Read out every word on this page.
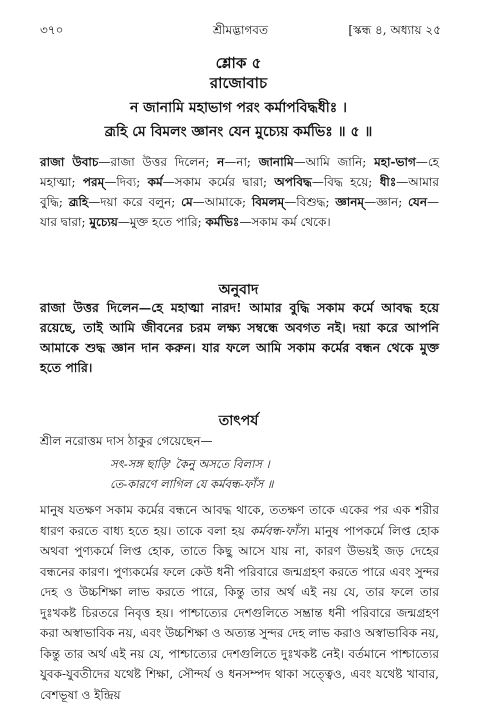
৩৭০	শ্রীমদ্ভাগবত	[স্কন্ধ ৪, অধ্যায় ২৫
শ্লোক ৫
রাজোবাচ
ন জানামি মহাভাগ পরং কর্মাপবিদ্ধধীঃ ।
ব্রূহি মে বিমলং জ্ঞানং যেন মুচ্যেয় কর্মভিঃ ॥ ৫ ॥
রাজা উবাচ—রাজা উত্তর দিলেন; ন—না; জানামি—আমি জানি; মহা-ভাগ—হে মহাত্মা; পরম্—দিব্য; কর্ম—সকাম কর্মের দ্বারা; অপবিদ্ধ—বিদ্ধ হয়ে; ধীঃ—আমার বুদ্ধি; ব্রূহি—দয়া করে বলুন; মে—আমাকে; বিমলম্—বিশুদ্ধ; জ্ঞানম্—জ্ঞান; যেন—যার দ্বারা; মুচ্যেয়—মুক্ত হতে পারি; কর্মভিঃ—সকাম কর্ম থেকে।
অনুবাদ
রাজা উত্তর দিলেন—হে মহাত্মা নারদ! আমার বুদ্ধি সকাম কর্মে আবদ্ধ হয়ে রয়েছে, তাই আমি জীবনের চরম লক্ষ্য সম্বন্ধে অবগত নই। দয়া করে আপনি আমাকে শুদ্ধ জ্ঞান দান করুন। যার ফলে আমি সকাম কর্মের বন্ধন থেকে মুক্ত হতে পারি।
তাৎপর্য
শ্রীল নরোত্তম দাস ঠাকুর গেয়েছেন—
সৎ-সঙ্গ ছাড়ি' কৈনু অসতে বিলাস ।
তে-কারণে লাগিল যে কর্মবন্ধ-ফাঁস ॥
মানুষ যতক্ষণ সকাম কর্মের বন্ধনে আবদ্ধ থাকে, ততক্ষণ তাকে একের পর এক শরীর ধারণ করতে বাধ্য হতে হয়। তাকে বলা হয় কর্মবন্ধ-ফাঁস। মানুষ পাপকর্মে লিপ্ত হোক অথবা পুণ্যকর্মে লিপ্ত হোক, তাতে কিছু আসে যায় না, কারণ উভয়ই জড় দেহের বন্ধনের কারণ। পুণ্যকর্মের ফলে কেউ ধনী পরিবারে জন্মগ্রহণ করতে পারে এবং সুন্দর দেহ ও উচ্চশিক্ষা লাভ করতে পারে, কিন্তু তার অর্থ এই নয় যে, তার ফলে তার দুঃখকষ্ট চিরতরে নিবৃত্ত হয়। পাশ্চাত্যের দেশগুলিতে সম্ভ্রান্ত ধনী পরিবারে জন্মগ্রহণ করা অস্বাভাবিক নয়, এবং উচ্চশিক্ষা ও অত্যন্ত সুন্দর দেহ লাভ করাও অস্বাভাবিক নয়, কিন্তু তার অর্থ এই নয় যে, পাশ্চাত্যের দেশগুলিতে দুঃখকষ্ট নেই। বর্তমানে পাশ্চাত্যের যুবক-যুবতীদের যথেষ্ট শিক্ষা, সৌন্দর্য ও ধনসম্পদ থাকা সত্ত্বেও, এবং যথেষ্ট খাবার, বেশভূষা ও ইন্দ্রিয়
